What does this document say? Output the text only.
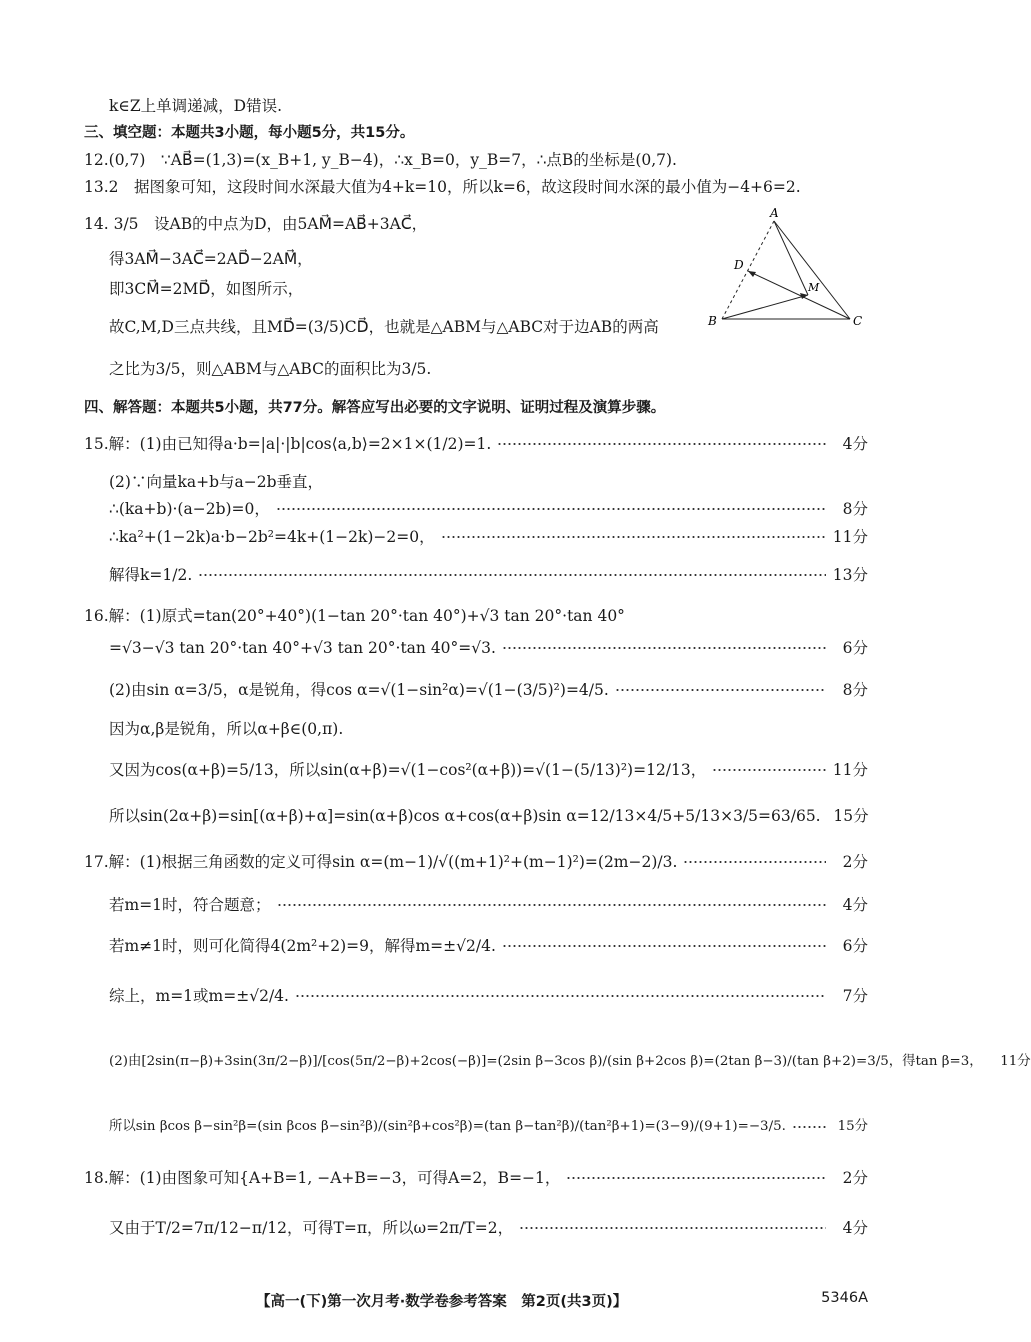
k∈Z上单调递减，D错误.
三、填空题：本题共3小题，每小题5分，共15分。
12.(0,7)　∵AB⃗=(1,3)=(x_B+1, y_B−4)，∴x_B=0，y_B=7，∴点B的坐标是(0,7).
13.2　据图象可知，这段时间水深最大值为4+k=10，所以k=6，故这段时间水深的最小值为−4+6=2.
14. 3/5　设AB的中点为D，由5AM⃗=AB⃗+3AC⃗，
得3AM⃗−3AC⃗=2AD⃗−2AM⃗，
即3CM⃗=2MD⃗，如图所示，
故C,M,D三点共线，且MD⃗=(3/5)CD⃗，也就是△ABM与△ABC对于边AB的两高
之比为3/5，则△ABM与△ABC的面积比为3/5.
A
B	C
D
M
四、解答题：本题共5小题，共77分。解答应写出必要的文字说明、证明过程及演算步骤。
15.解：(1)由已知得a·b=|a|·|b|cos⟨a,b⟩=2×1×(1/2)=1.	4分
(2)∵向量ka+b与a−2b垂直，
∴(ka+b)·(a−2b)=0，	8分
∴ka²+(1−2k)a·b−2b²=4k+(1−2k)−2=0，	11分
解得k=1/2.	13分
16.解：(1)原式=tan(20°+40°)(1−tan 20°·tan 40°)+√3 tan 20°·tan 40°
=√3−√3 tan 20°·tan 40°+√3 tan 20°·tan 40°=√3.	6分
(2)由sin α=3/5，α是锐角，得cos α=√(1−sin²α)=√(1−(3/5)²)=4/5.	8分
因为α,β是锐角，所以α+β∈(0,π).
又因为cos(α+β)=5/13，所以sin(α+β)=√(1−cos²(α+β))=√(1−(5/13)²)=12/13，	11分
所以sin(2α+β)=sin[(α+β)+α]=sin(α+β)cos α+cos(α+β)sin α=12/13×4/5+5/13×3/5=63/65. 15分
17.解：(1)根据三角函数的定义可得sin α=(m−1)/√((m+1)²+(m−1)²)=(2m−2)/3.	2分
若m=1时，符合题意；	4分
若m≠1时，则可化简得4(2m²+2)=9，解得m=±√2/4.	6分
综上，m=1或m=±√2/4.	7分
(2)由[2sin(π−β)+3sin(3π/2−β)]/[cos(5π/2−β)+2cos(−β)]=(2sin β−3cos β)/(sin β+2cos β)=(2tan β−3)/(tan β+2)=3/5，得tan β=3，	11分
所以sin βcos β−sin²β=(sin βcos β−sin²β)/(sin²β+cos²β)=(tan β−tan²β)/(tan²β+1)=(3−9)/(9+1)=−3/5.	15分
18.解：(1)由图象可知{A+B=1, −A+B=−3，可得A=2，B=−1，	2分
又由于T/2=7π/12−π/12，可得T=π，所以ω=2π/T=2，	4分
【高一(下)第一次月考·数学卷参考答案　第2页(共3页)】	5346A
